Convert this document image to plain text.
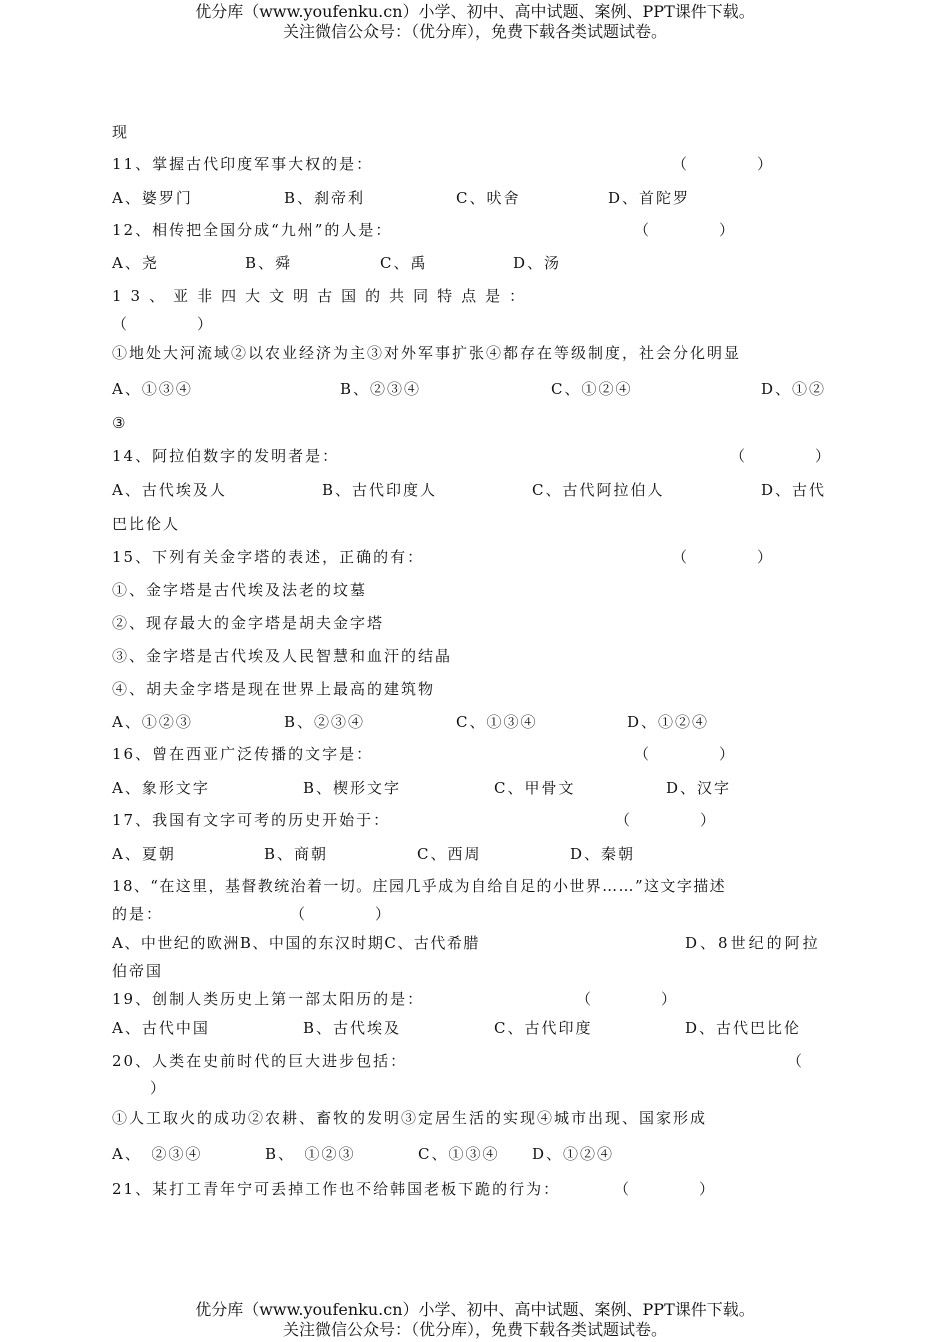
优分库（www.youfenku.cn）小学、初中、高中试题、案例、PPT课件下载。
关注微信公众号：（优分库），免费下载各类试题试卷。
现
11、掌握古代印度军事大权的是：	（　　　　）
A、婆罗门	B、刹帝利	C、吠舍	D、首陀罗
12、相传把全国分成“九州”的人是：	（　　　　）
A、尧	B、舜	C、禹	D、汤
13、亚非四大文明古国的共同特点是：
（　　　　）
①地处大河流域②以农业经济为主③对外军事扩张④都存在等级制度，社会分化明显
A、①③④	B、②③④	C、①②④	D、①②
③
14、阿拉伯数字的发明者是：	（　　　　）
A、古代埃及人	B、古代印度人	C、古代阿拉伯人	D、古代
巴比伦人
15、下列有关金字塔的表述，正确的有：	（　　　　）
①、金字塔是古代埃及法老的坟墓
②、现存最大的金字塔是胡夫金字塔
③、金字塔是古代埃及人民智慧和血汗的结晶
④、胡夫金字塔是现在世界上最高的建筑物
A、①②③	B、②③④	C、①③④	D、①②④
16、曾在西亚广泛传播的文字是：	（　　　　）
A、象形文字	B、楔形文字	C、甲骨文	D、汉字
17、我国有文字可考的历史开始于：	（　　　　）
A、夏朝	B、商朝	C、西周	D、秦朝
18、“在这里，基督教统治着一切。庄园几乎成为自给自足的小世界……”这文字描述
的是：	（　　　　）
A、中世纪的欧洲B、中国的东汉时期C、古代希腊	D、8世纪的阿拉
伯帝国
19、创制人类历史上第一部太阳历的是：	（　　　　）
A、古代中国	B、古代埃及	C、古代印度	D、古代巴比伦
20、人类在史前时代的巨大进步包括：	（
）
①人工取火的成功②农耕、畜牧的发明③定居生活的实现④城市出现、国家形成
A、　②③④	B、　①②③	C、①③④ D、①②④
21、某打工青年宁可丢掉工作也不给韩国老板下跪的行为：	（　　　　）
优分库（www.youfenku.cn）小学、初中、高中试题、案例、PPT课件下载。
关注微信公众号：（优分库），免费下载各类试题试卷。
